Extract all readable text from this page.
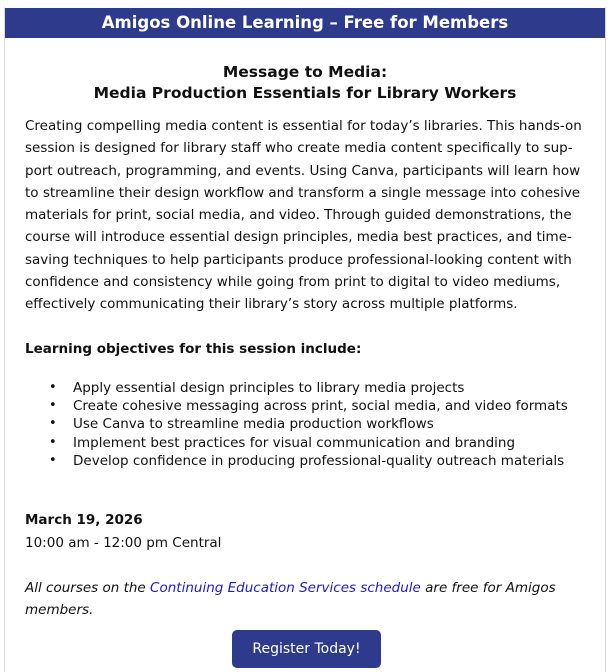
Amigos Online Learning – Free for Members
Message to Media:
Media Production Essentials for Library Workers
Creating compelling media content is essential for today’s libraries. This hands-on
session is designed for library staff who create media content specifically to sup-
port outreach, programming, and events. Using Canva, participants will learn how
to streamline their design workflow and transform a single message into cohesive
materials for print, social media, and video. Through guided demonstrations, the
course will introduce essential design principles, media best practices, and time-
saving techniques to help participants produce professional-looking content with
confidence and consistency while going from print to digital to video mediums,
effectively communicating their library’s story across multiple platforms.
Learning objectives for this session include:
• Apply essential design principles to library media projects
• Create cohesive messaging across print, social media, and video formats
• Use Canva to streamline media production workflows
• Implement best practices for visual communication and branding
• Develop confidence in producing professional-quality outreach materials
March 19, 2026
10:00 am - 12:00 pm Central
All courses on the Continuing Education Services schedule are free for Amigos
members.
Register Today!
